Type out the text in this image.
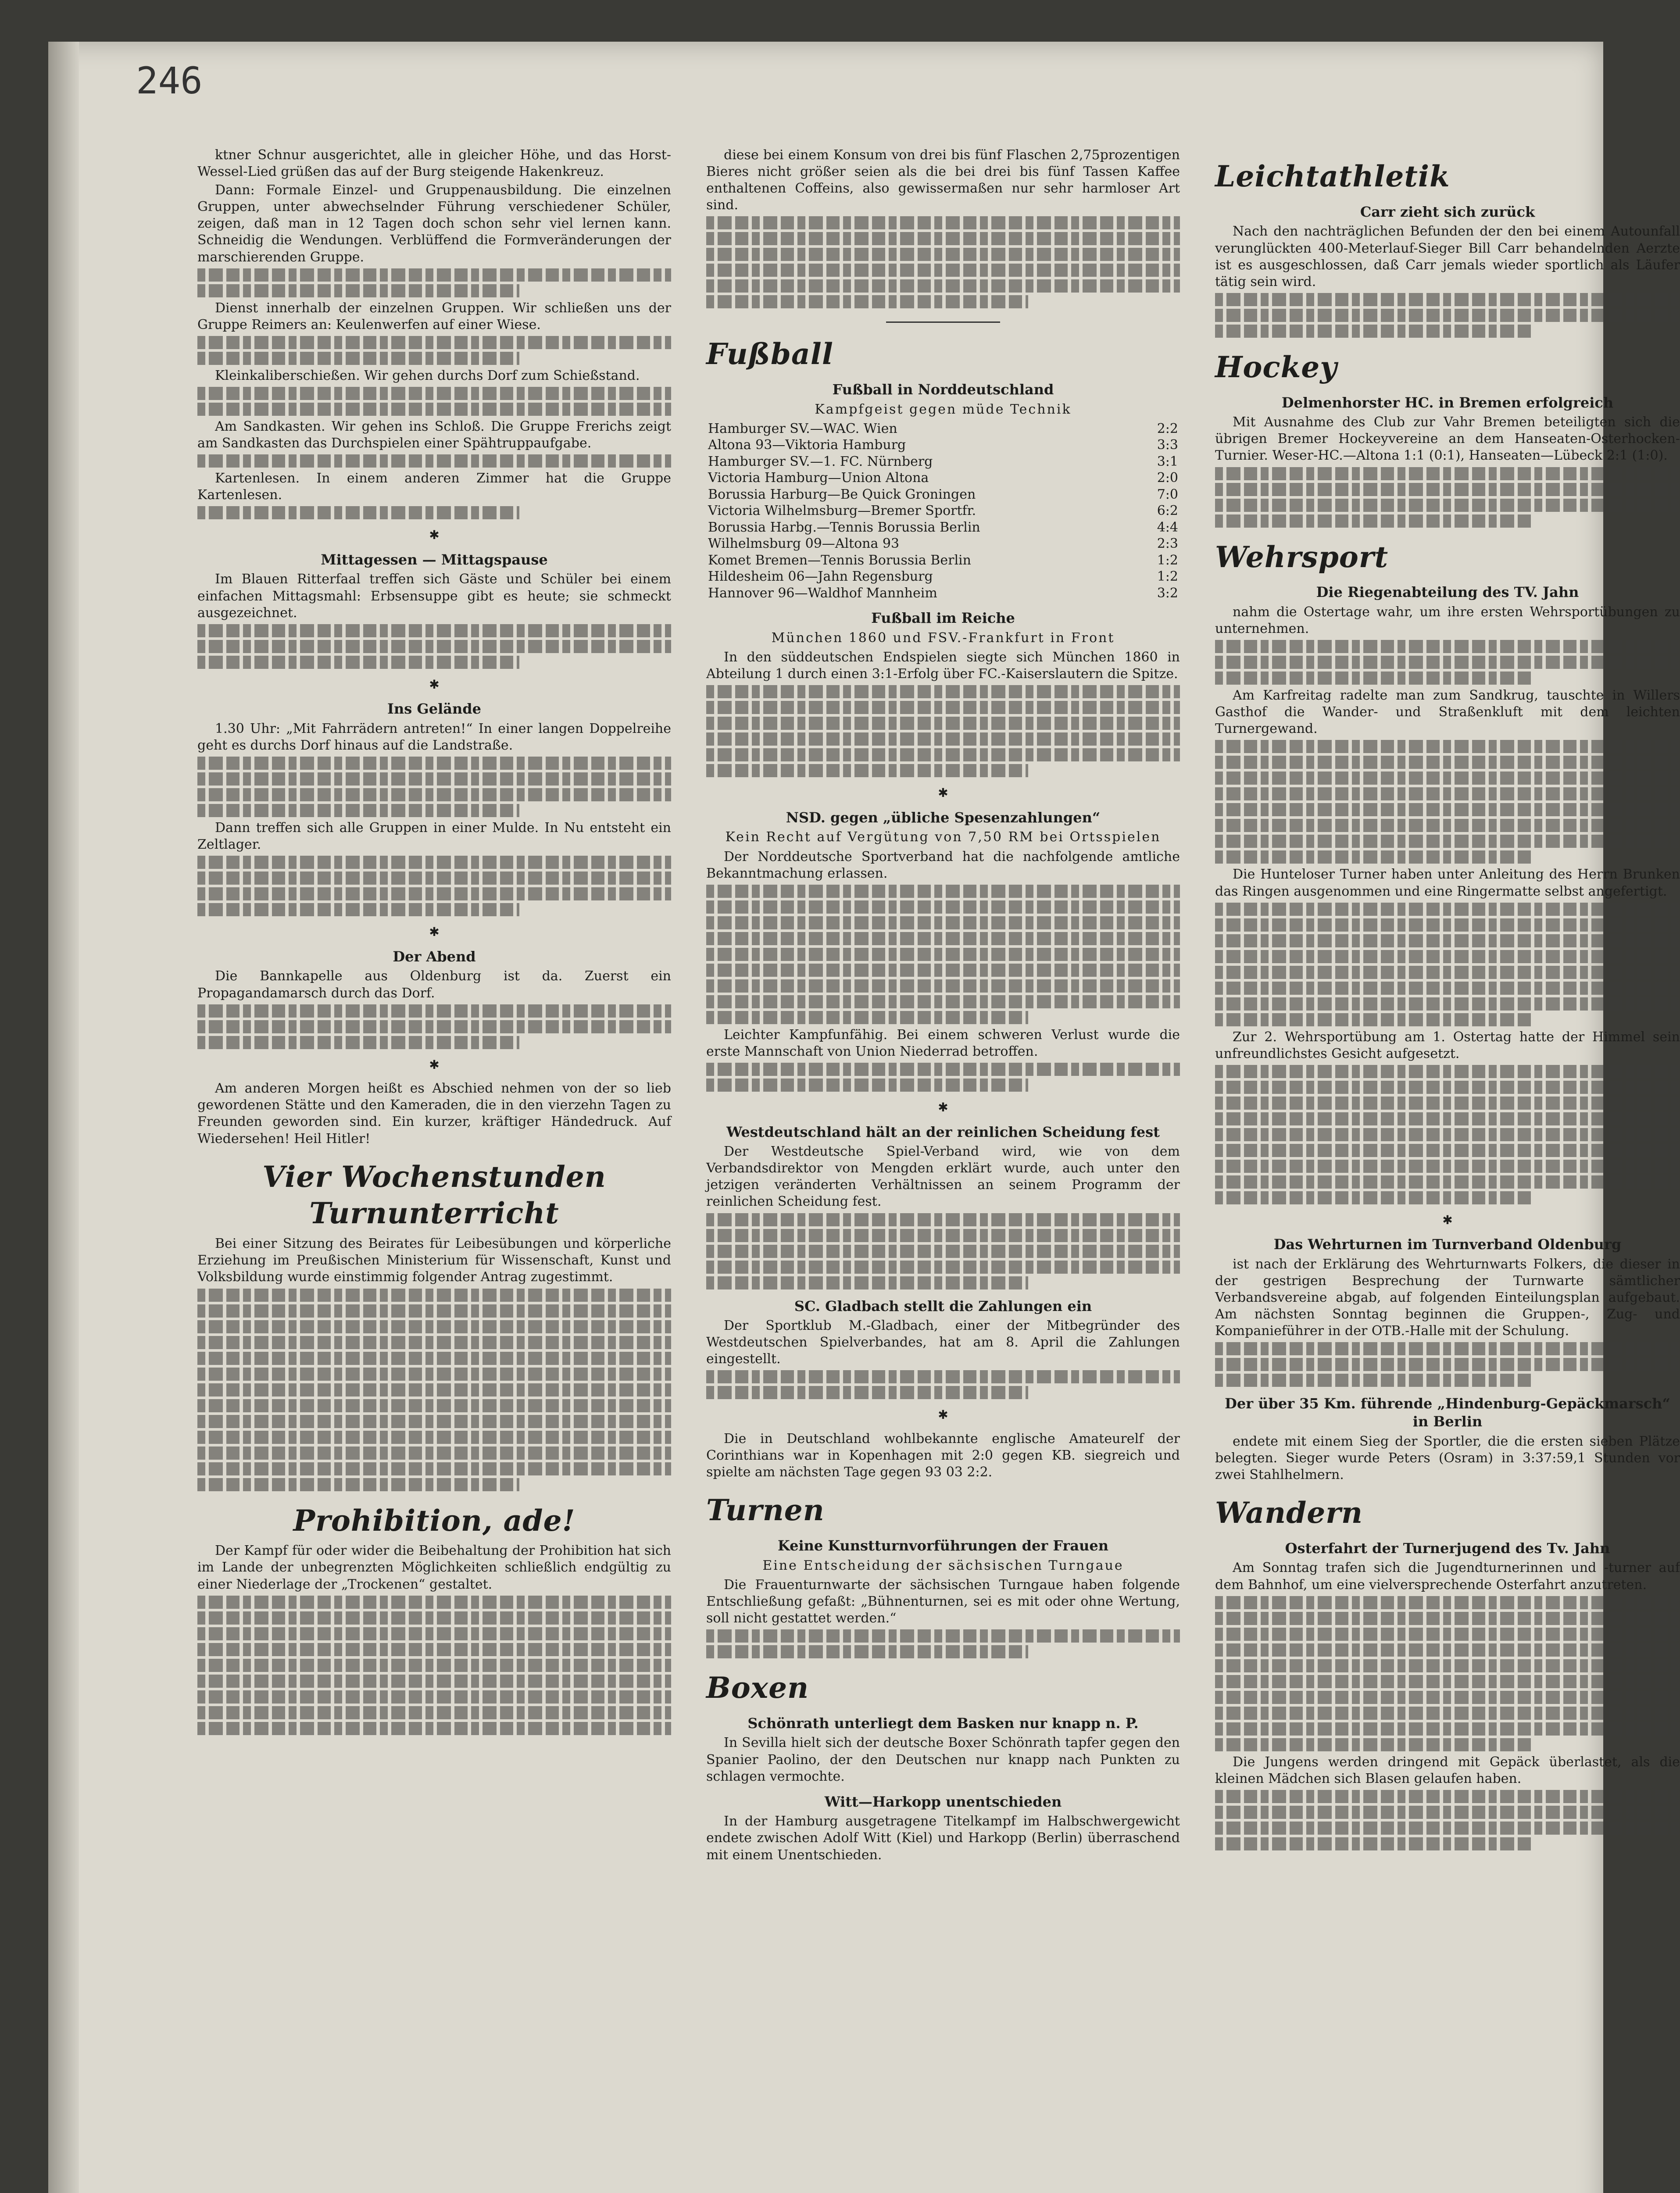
246

ktner Schnur ausgerichtet, alle in gleicher Höhe, und das Horst-Wessel-Lied grüßen das auf der Burg steigende Hakenkreuz.

Dann: Formale Einzel- und Gruppenausbildung. Die einzelnen Gruppen, unter abwechselnder Führung verschiedener Schüler, zeigen, daß man in 12 Tagen doch schon sehr viel lernen kann. Schneidig die Wendungen. Verblüffend die Formveränderungen der marschierenden Gruppe.

Dienst innerhalb der einzelnen Gruppen. Wir schließen uns der Gruppe Reimers an: Keulenwerfen auf einer Wiese.

Kleinkaliberschießen. Wir gehen durchs Dorf zum Schießstand.

Am Sandkasten. Wir gehen ins Schloß. Die Gruppe Frerichs zeigt am Sandkasten das Durchspielen einer Spähtruppaufgabe.

Kartenlesen. In einem anderen Zimmer hat die Gruppe Kartenlesen.

✱
Mittagessen — Mittagspause

Im Blauen Ritterfaal treffen sich Gäste und Schüler bei einem einfachen Mittagsmahl: Erbsensuppe gibt es heute; sie schmeckt ausgezeichnet.

✱
Ins Gelände

1.30 Uhr: „Mit Fahrrädern antreten!“ In einer langen Doppelreihe geht es durchs Dorf hinaus auf die Landstraße.

Dann treffen sich alle Gruppen in einer Mulde. In Nu entsteht ein Zeltlager.

✱
Der Abend

Die Bannkapelle aus Oldenburg ist da. Zuerst ein Propagandamarsch durch das Dorf.

✱

Am anderen Morgen heißt es Abschied nehmen von der so lieb gewordenen Stätte und den Kameraden, die in den vierzehn Tagen zu Freunden geworden sind. Ein kurzer, kräftiger Händedruck. Auf Wiedersehen! Heil Hitler!

Vier Wochenstunden Turnunterricht

Bei einer Sitzung des Beirates für Leibesübungen und körperliche Erziehung im Preußischen Ministerium für Wissenschaft, Kunst und Volksbildung wurde einstimmig folgender Antrag zugestimmt.

Prohibition, ade!

Der Kampf für oder wider die Beibehaltung der Prohibition hat sich im Lande der unbegrenzten Möglichkeiten schließlich endgültig zu einer Niederlage der „Trockenen“ gestaltet.

diese bei einem Konsum von drei bis fünf Flaschen 2,75prozentigen Bieres nicht größer seien als die bei drei bis fünf Tassen Kaffee enthaltenen Coffeins, also gewissermaßen nur sehr harmloser Art sind.

Fußball
Fußball in Norddeutschland
Kampfgeist gegen müde Technik
Hamburger SV.—WAC. Wien	2:2
Altona 93—Viktoria Hamburg	3:3
Hamburger SV.—1. FC. Nürnberg	3:1
Victoria Hamburg—Union Altona	2:0
Borussia Harburg—Be Quick Groningen	7:0
Victoria Wilhelmsburg—Bremer Sportfr.	6:2
Borussia Harbg.—Tennis Borussia Berlin	4:4
Wilhelmsburg 09—Altona 93	2:3
Komet Bremen—Tennis Borussia Berlin	1:2
Hildesheim 06—Jahn Regensburg	1:2
Hannover 96—Waldhof Mannheim	3:2
Fußball im Reiche
München 1860 und FSV.-Frankfurt in Front

In den süddeutschen Endspielen siegte sich München 1860 in Abteilung 1 durch einen 3:1-Erfolg über FC.-Kaiserslautern die Spitze.

✱
NSD. gegen „übliche Spesenzahlungen“
Kein Recht auf Vergütung von 7,50 RM bei Ortsspielen

Der Norddeutsche Sportverband hat die nachfolgende amtliche Bekanntmachung erlassen.

Leichter Kampfunfähig. Bei einem schweren Verlust wurde die erste Mannschaft von Union Niederrad betroffen.

✱
Westdeutschland hält an der reinlichen Scheidung fest

Der Westdeutsche Spiel-Verband wird, wie von dem Verbandsdirektor von Mengden erklärt wurde, auch unter den jetzigen veränderten Verhältnissen an seinem Programm der reinlichen Scheidung fest.

SC. Gladbach stellt die Zahlungen ein

Der Sportklub M.-Gladbach, einer der Mitbegründer des Westdeutschen Spielverbandes, hat am 8. April die Zahlungen eingestellt.

✱

Die in Deutschland wohlbekannte englische Amateurelf der Corinthians war in Kopenhagen mit 2:0 gegen KB. siegreich und spielte am nächsten Tage gegen 93 03 2:2.

Turnen
Keine Kunstturnvorführungen der Frauen
Eine Entscheidung der sächsischen Turngaue

Die Frauenturnwarte der sächsischen Turngaue haben folgende Entschließung gefaßt: „Bühnenturnen, sei es mit oder ohne Wertung, soll nicht gestattet werden.“

Boxen
Schönrath unterliegt dem Basken nur knapp n. P.

In Sevilla hielt sich der deutsche Boxer Schönrath tapfer gegen den Spanier Paolino, der den Deutschen nur knapp nach Punkten zu schlagen vermochte.

Witt—Harkopp unentschieden

In der Hamburg ausgetragene Titelkampf im Halbschwergewicht endete zwischen Adolf Witt (Kiel) und Harkopp (Berlin) überraschend mit einem Unentschieden.

Leichtathletik
Carr zieht sich zurück

Nach den nachträglichen Befunden der den bei einem Autounfall verunglückten 400-Meterlauf-Sieger Bill Carr behandelnden Aerzte ist es ausgeschlossen, daß Carr jemals wieder sportlich als Läufer tätig sein wird.

Hockey
Delmenhorster HC. in Bremen erfolgreich

Mit Ausnahme des Club zur Vahr Bremen beteiligten sich die übrigen Bremer Hockeyvereine an dem Hanseaten-Osterhocken-Turnier. Weser-HC.—Altona 1:1 (0:1), Hanseaten—Lübeck 2:1 (1:0).

Wehrsport
Die Riegenabteilung des TV. Jahn

nahm die Ostertage wahr, um ihre ersten Wehrsportübungen zu unternehmen.

Am Karfreitag radelte man zum Sandkrug, tauschte in Willers Gasthof die Wander- und Straßenkluft mit dem leichten Turnergewand.

Die Hunteloser Turner haben unter Anleitung des Herrn Brunken das Ringen ausgenommen und eine Ringermatte selbst angefertigt.

Zur 2. Wehrsportübung am 1. Ostertag hatte der Himmel sein unfreundlichstes Gesicht aufgesetzt.

✱
Das Wehrturnen im Turnverband Oldenburg

ist nach der Erklärung des Wehrturnwarts Folkers, die dieser in der gestrigen Besprechung der Turnwarte sämtlicher Verbandsvereine abgab, auf folgenden Einteilungsplan aufgebaut. Am nächsten Sonntag beginnen die Gruppen-, Zug- und Kompanieführer in der OTB.-Halle mit der Schulung.

Der über 35 Km. führende „Hindenburg-Gepäckmarsch“ in Berlin

endete mit einem Sieg der Sportler, die die ersten sieben Plätze belegten. Sieger wurde Peters (Osram) in 3:37:59,1 Stunden vor zwei Stahlhelmern.

Wandern
Osterfahrt der Turnerjugend des Tv. Jahn

Am Sonntag trafen sich die Jugendturnerinnen und -turner auf dem Bahnhof, um eine vielversprechende Osterfahrt anzutreten.

Die Jungens werden dringend mit Gepäck überlastet, als die kleinen Mädchen sich Blasen gelaufen haben.
